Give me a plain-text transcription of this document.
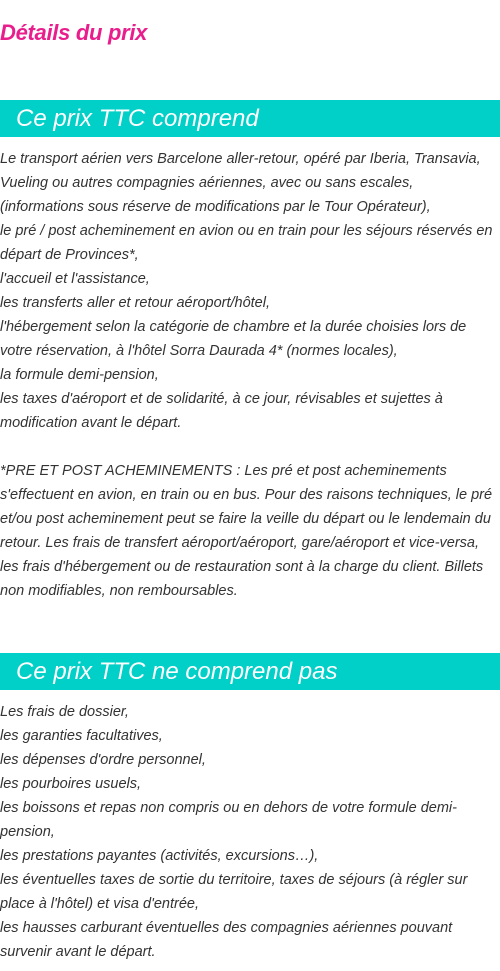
Détails du prix
Ce prix TTC comprend

Le transport aérien vers Barcelone aller-retour, opéré par Iberia, Transavia, Vueling ou autres compagnies aériennes, avec ou sans escales, (informations sous réserve de modifications par le Tour Opérateur),

le pré / post acheminement en avion ou en train pour les séjours réservés en départ de Provinces*,

l'accueil et l'assistance,

les transferts aller et retour aéroport/hôtel,

l'hébergement selon la catégorie de chambre et la durée choisies lors de votre réservation, à l'hôtel Sorra Daurada 4* (normes locales),

la formule demi-pension,

les taxes d'aéroport et de solidarité, à ce jour, révisables et sujettes à modification avant le départ.

*PRE ET POST ACHEMINEMENTS : Les pré et post acheminements s'effectuent en avion, en train ou en bus. Pour des raisons techniques, le pré et/ou post acheminement peut se faire la veille du départ ou le lendemain du retour. Les frais de transfert aéroport/aéroport, gare/aéroport et vice-versa, les frais d'hébergement ou de restauration sont à la charge du client. Billets non modifiables, non remboursables.

Ce prix TTC ne comprend pas

Les frais de dossier,

les garanties facultatives,

les dépenses d'ordre personnel,

les pourboires usuels,

les boissons et repas non compris ou en dehors de votre formule demi-pension,

les prestations payantes (activités, excursions…),

les éventuelles taxes de sortie du territoire, taxes de séjours (à régler sur place à l'hôtel) et visa d'entrée,

les hausses carburant éventuelles des compagnies aériennes pouvant survenir avant le départ.
